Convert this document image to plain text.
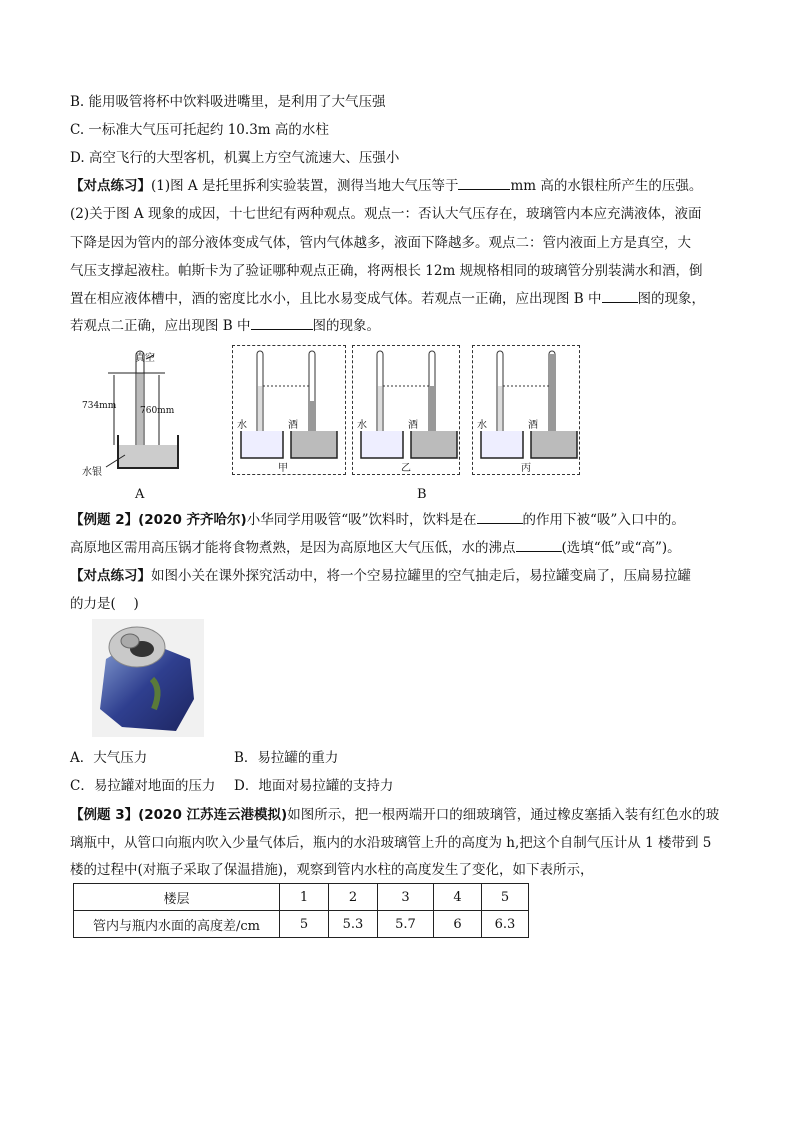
B. 能用吸管将杯中饮料吸进嘴里，是利用了大气压强
C. 一标准大气压可托起约 10.3m 高的水柱
D. 高空飞行的大型客机，机翼上方空气流速大、压强小
【对点练习】(1)图 A 是托里拆利实验装置，测得当地大气压等于	mm 高的水银柱所产生的压强。
(2)关于图 A 现象的成因，十七世纪有两种观点。观点一：否认大气压存在，玻璃管内本应充满液体，液面
下降是因为管内的部分液体变成气体，管内气体越多，液面下降越多。观点二：管内液面上方是真空，大
气压支撑起液柱。帕斯卡为了验证哪种观点正确，将两根长 12m 规规格相同的玻璃管分别装满水和酒，倒
置在相应液体槽中，酒的密度比水小，且比水易变成气体。若观点一正确，应出现图 B 中	图的现象，
若观点二正确，应出现图 B 中	图的现象。
真空
734mm	760mm
水银
A
水	酒
甲
水	酒
乙
水	酒
丙
B
【例题 2】(2020 齐齐哈尔)小华同学用吸管“吸”饮料时，饮料是在	的作用下被“吸”入口中的。
高原地区需用高压锅才能将食物煮熟，是因为高原地区大气压低，水的沸点	(选填“低”或“高”)。
【对点练习】如图小关在课外探究活动中，将一个空易拉罐里的空气抽走后，易拉罐变扁了，压扁易拉罐
的力是(　 )
A．大气压力	B．易拉罐的重力
C．易拉罐对地面的压力 D．地面对易拉罐的支持力
【例题 3】(2020 江苏连云港模拟)如图所示，把一根两端开口的细玻璃管，通过橡皮塞插入装有红色水的玻
璃瓶中，从管口向瓶内吹入少量气体后，瓶内的水沿玻璃管上升的高度为 h,把这个自制气压计从 1 楼带到 5
楼的过程中(对瓶子采取了保温措施)，观察到管内水柱的高度发生了变化，如下表所示，
楼层	1	2	3	4	5
管内与瓶内水面的高度差/cm	5	5.3	5.7	6	6.3
